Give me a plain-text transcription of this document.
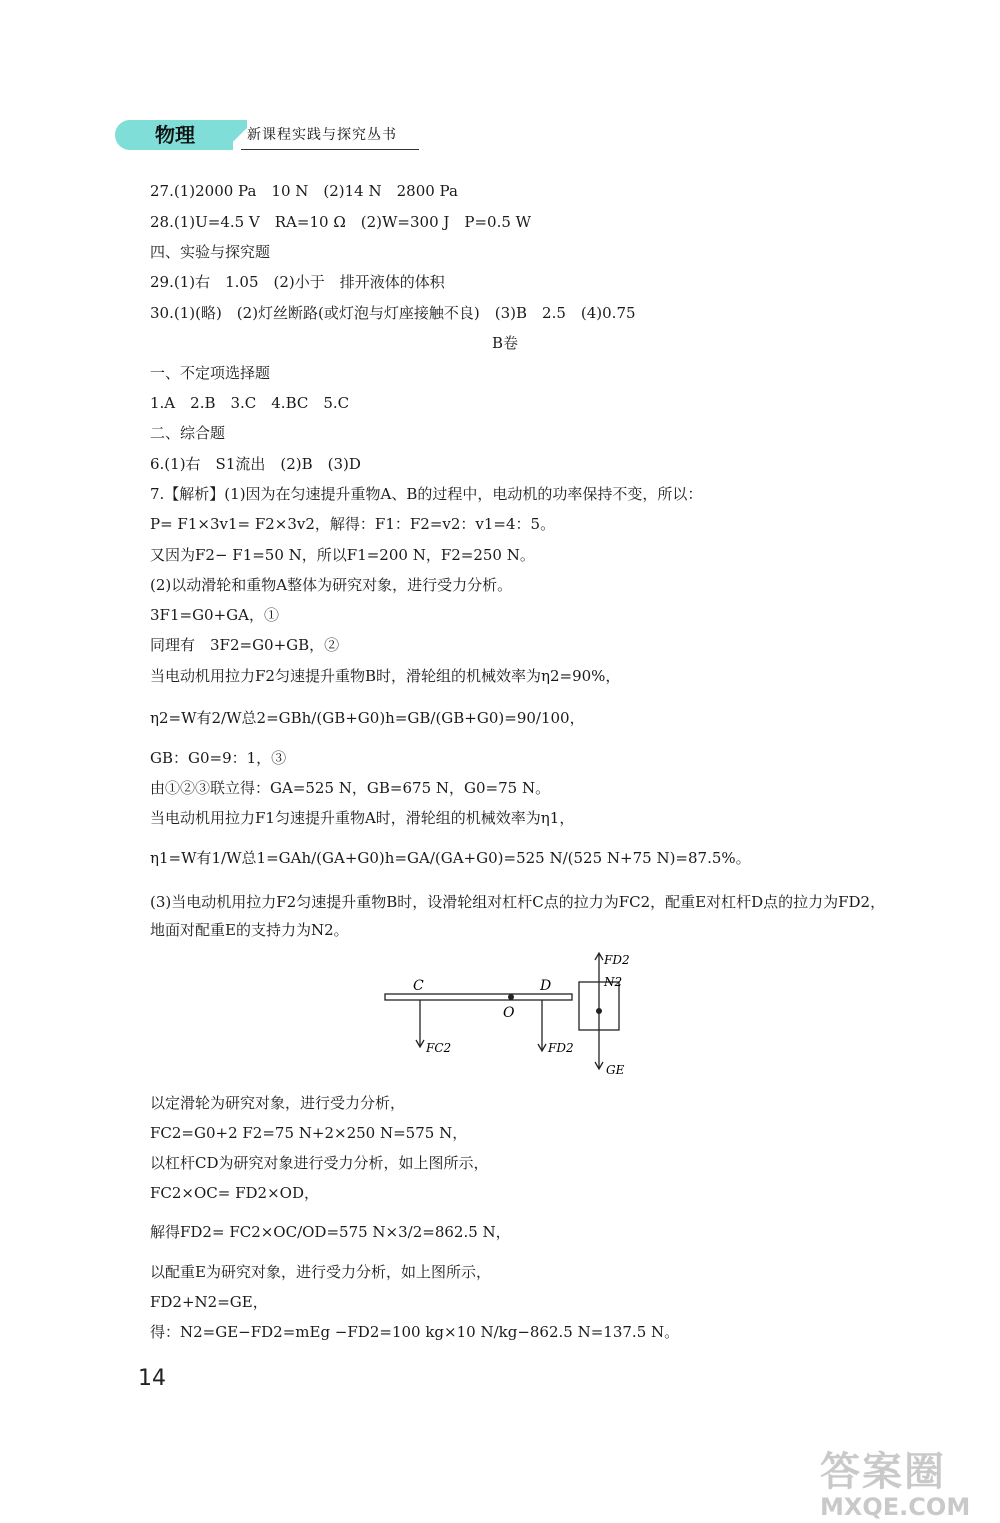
物理	新课程实践与探究丛书
27.(1)2000 Pa　10 N　(2)14 N　2800 Pa
28.(1)U=4.5 V　RA=10 Ω　(2)W=300 J　P=0.5 W
四、实验与探究题
29.(1)右　1.05　(2)小于　排开液体的体积
30.(1)(略)　(2)灯丝断路(或灯泡与灯座接触不良)　(3)B　2.5　(4)0.75
B卷
一、不定项选择题
1.A　2.B　3.C　4.BC　5.C
二、综合题
6.(1)右　S1流出　(2)B　(3)D
7.【解析】(1)因为在匀速提升重物A、B的过程中，电动机的功率保持不变，所以：
P= F1×3v1= F2×3v2，解得：F1：F2=v2：v1=4：5。
又因为F2− F1=50 N，所以F1=200 N，F2=250 N。
(2)以动滑轮和重物A整体为研究对象，进行受力分析。
3F1=G0+GA，①
同理有　3F2=G0+GB，②
当电动机用拉力F2匀速提升重物B时，滑轮组的机械效率为η2=90%，
η2=W有2/W总2=GBh/(GB+G0)h=GB/(GB+G0)=90/100，
GB：G0=9：1，③
由①②③联立得：GA=525 N，GB=675 N，G0=75 N。
当电动机用拉力F1匀速提升重物A时，滑轮组的机械效率为η1，
η1=W有1/W总1=GAh/(GA+G0)h=GA/(GA+G0)=525 N/(525 N+75 N)=87.5%。
(3)当电动机用拉力F2匀速提升重物B时，设滑轮组对杠杆C点的拉力为FC2，配重E对杠杆D点的拉力为FD2，地面对配重E的支持力为N2。
C	D
O
FC2	FD2
FD2
N2
GE
以定滑轮为研究对象，进行受力分析，
FC2=G0+2 F2=75 N+2×250 N=575 N，
以杠杆CD为研究对象进行受力分析，如上图所示，
FC2×OC= FD2×OD，
解得FD2= FC2×OC/OD=575 N×3/2=862.5 N，
以配重E为研究对象，进行受力分析，如上图所示，
FD2+N2=GE，
得：N2=GE−FD2=mEg −FD2=100 kg×10 N/kg−862.5 N=137.5 N。
14
答案圈
MXQE.COM
